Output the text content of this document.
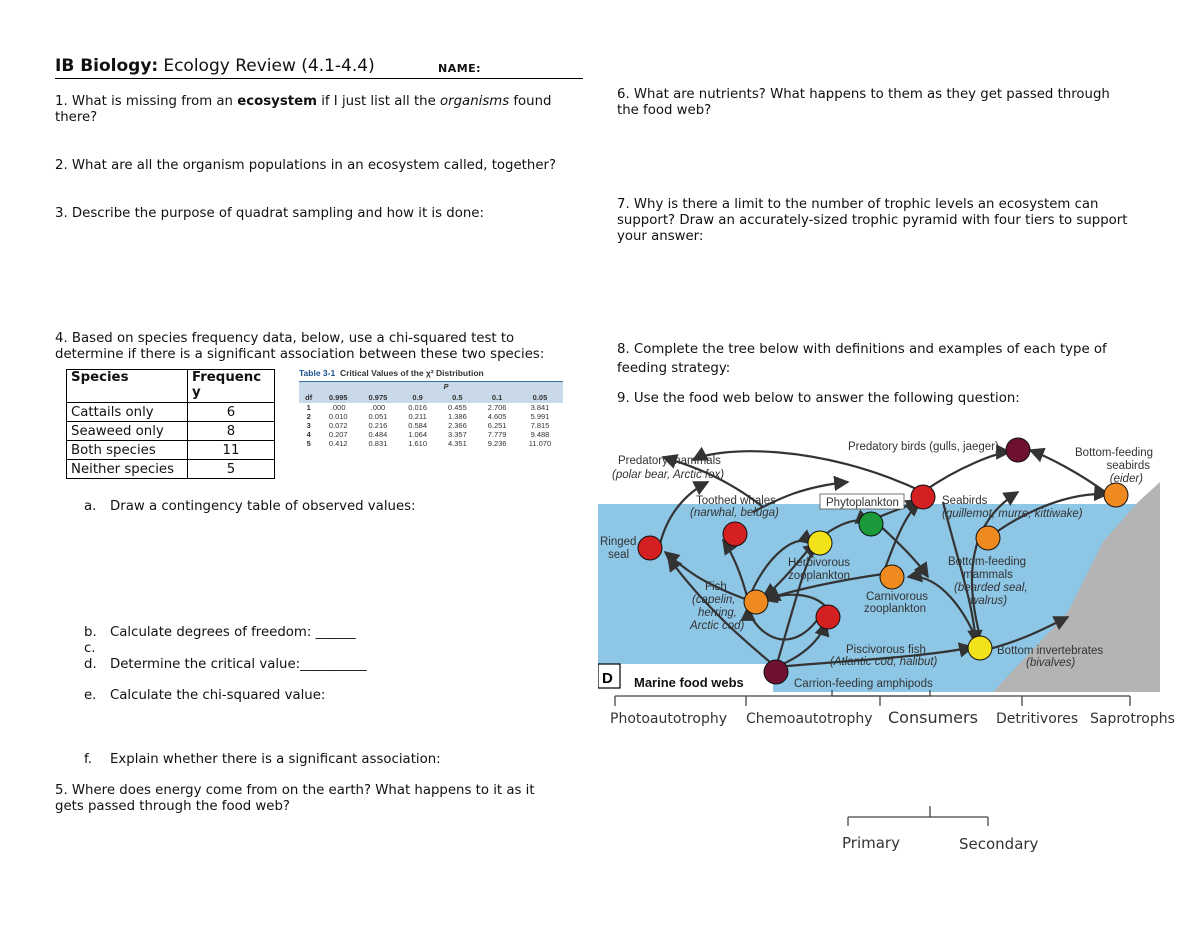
IB Biology: Ecology Review (4.1-4.4)	NAME:
1. What is missing from an ecosystem if I just list all the organisms found
there?
2. What are all the organism populations in an ecosystem called, together?
3. Describe the purpose of quadrat sampling and how it is done:
4. Based on species frequency data, below, use a chi-squared test to
determine if there is a significant association between these two species:
Species	Frequenc
y
Cattails only	6
Seaweed only	8
Both species	11
Neither species	5
Table 3-1 Critical Values of the χ² Distribution
P
df	0.995	0.975	0.9	0.5	0.1	0.05
1	.000	.000	0.016	0.455	2.706	3.841
2	0.010	0.051	0.211	1.386	4.605	5.991
3	0.072	0.216	0.584	2.366	6.251	7.815
4	0.207	0.484	1.064	3.357	7.779	9.488
5	0.412	0.831	1.610	4.351	9.236	11.070
a. Draw a contingency table of observed values:
b. Calculate degrees of freedom: ______
c.
d. Determine the critical value:__________
e. Calculate the chi-squared value:
f. Explain whether there is a significant association:
5. Where does energy come from on the earth? What happens to it as it
gets passed through the food web?
6. What are nutrients? What happens to them as they get passed through
the food web?
7. Why is there a limit to the number of trophic levels an ecosystem can
support? Draw an accurately-sized trophic pyramid with four tiers to support
your answer:
8. Complete the tree below with definitions and examples of each type of
feeding strategy:
9. Use the food web below to answer the following question:
Predatory mammals
(polar bear, Arctic fox)
Predatory birds (gulls, jaeger)	Bottom-feeding
seabirds
(eider)
Toothed whales
(narwhal, beluga)
Phytoplankton	Seabirds
(guillemot, murre, kittiwake)
Ringed
seal
Herbivorous
zooplankton
Bottom-feeding
mammals
(bearded seal,
walrus)
Fish
(capelin,
herring,
Arctic cod)
Carnivorous
zooplankton
Piscivorous fish
(Atlantic cod, halibut)
Bottom invertebrates
(bivalves)
Carrion-feeding amphipods
D Marine food webs
Photoautotrophy Chemoautotrophy Consumers Detritivores Saprotrophs
Primary	Secondary
